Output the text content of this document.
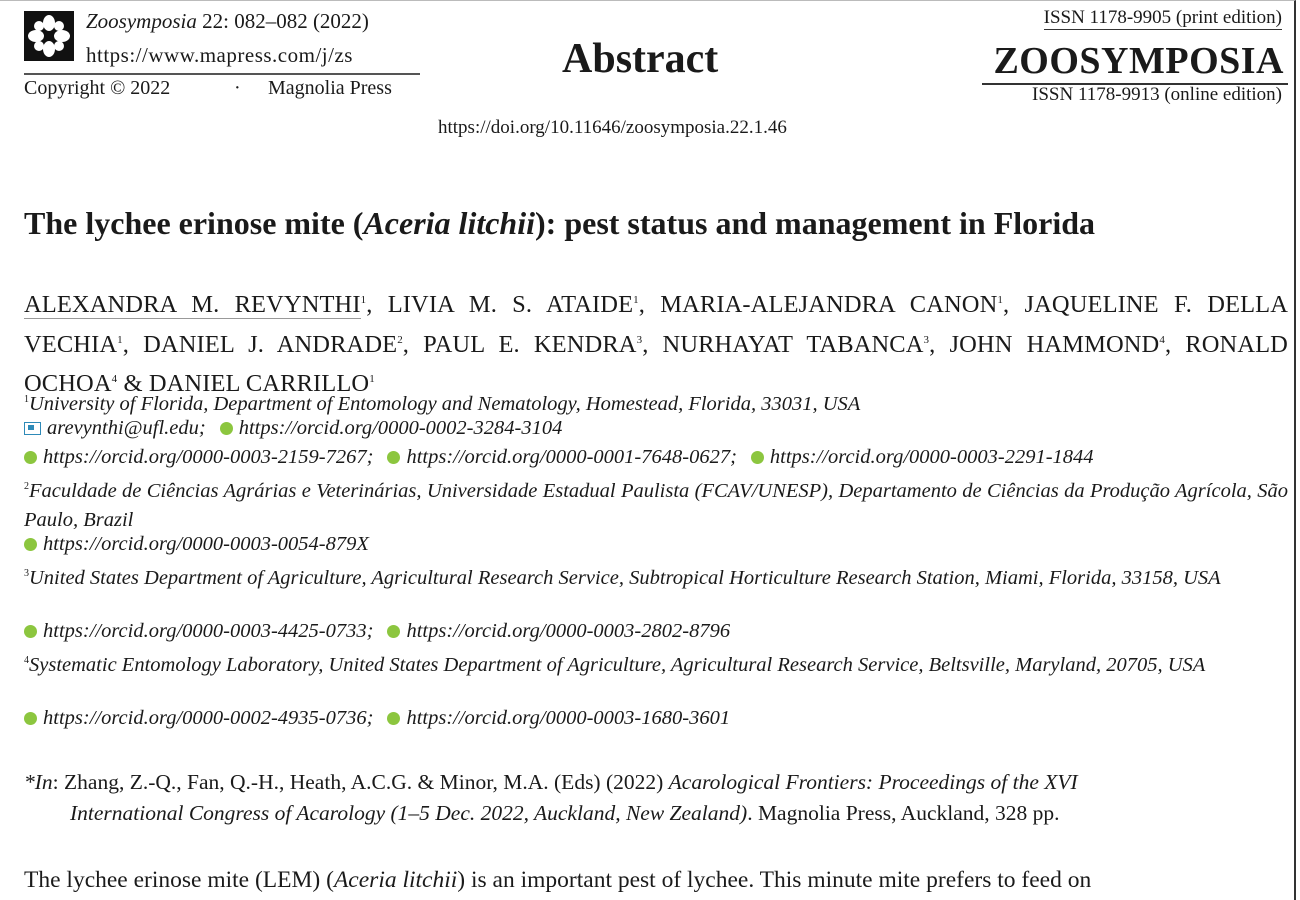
Zoosymposia 22: 082–082 (2022)
https://www.mapress.com/j/zs
Copyright © 2022	· Magnolia Press
Abstract
ISSN 1178-9905 (print edition)
ZOOSYMPOSIA
ISSN 1178-9913 (online edition)
https://doi.org/10.11646/zoosymposia.22.1.46
The lychee erinose mite (Aceria litchii): pest status and management in Florida
ALEXANDRA M. REVYNTHI$^1$, LIVIA M. S. ATAIDE$^1$, MARIA-ALEJANDRA CANON$^1$, JAQUELINE F. DELLA VECHIA$^1$, DANIEL J. ANDRADE$^2$, PAUL E. KENDRA$^3$, NURHAYAT TABANCA$^3$, JOHN HAMMOND$^4$, RONALD OCHOA$^4$ & DANIEL CARRILLO$^1$
$^1$University of Florida, Department of Entomology and Nematology, Homestead, Florida, 33031, USA
arevynthi@ufl.edu; https://orcid.org/0000-0002-3284-3104
https://orcid.org/0000-0003-2159-7267; https://orcid.org/0000-0001-7648-0627; https://orcid.org/0000-0003-2291-1844
$^2$Faculdade de Ciências Agrárias e Veterinárias, Universidade Estadual Paulista (FCAV/UNESP), Departamento de Ciências da Produção Agrícola, São Paulo, Brazil
https://orcid.org/0000-0003-0054-879X
$^3$United States Department of Agriculture, Agricultural Research Service, Subtropical Horticulture Research Station, Miami, Florida, 33158, USA
https://orcid.org/0000-0003-4425-0733; https://orcid.org/0000-0003-2802-8796
$^4$Systematic Entomology Laboratory, United States Department of Agriculture, Agricultural Research Service, Beltsville, Maryland, 20705, USA
https://orcid.org/0000-0002-4935-0736; https://orcid.org/0000-0003-1680-3601
*In: Zhang, Z.-Q., Fan, Q.-H., Heath, A.C.G. & Minor, M.A. (Eds) (2022) Acarological Frontiers: Proceedings of the XVI
International Congress of Acarology (1–5 Dec. 2022, Auckland, New Zealand). Magnolia Press, Auckland, 328 pp.
The lychee erinose mite (LEM) (Aceria litchii) is an important pest of lychee. This minute mite prefers to feed on
